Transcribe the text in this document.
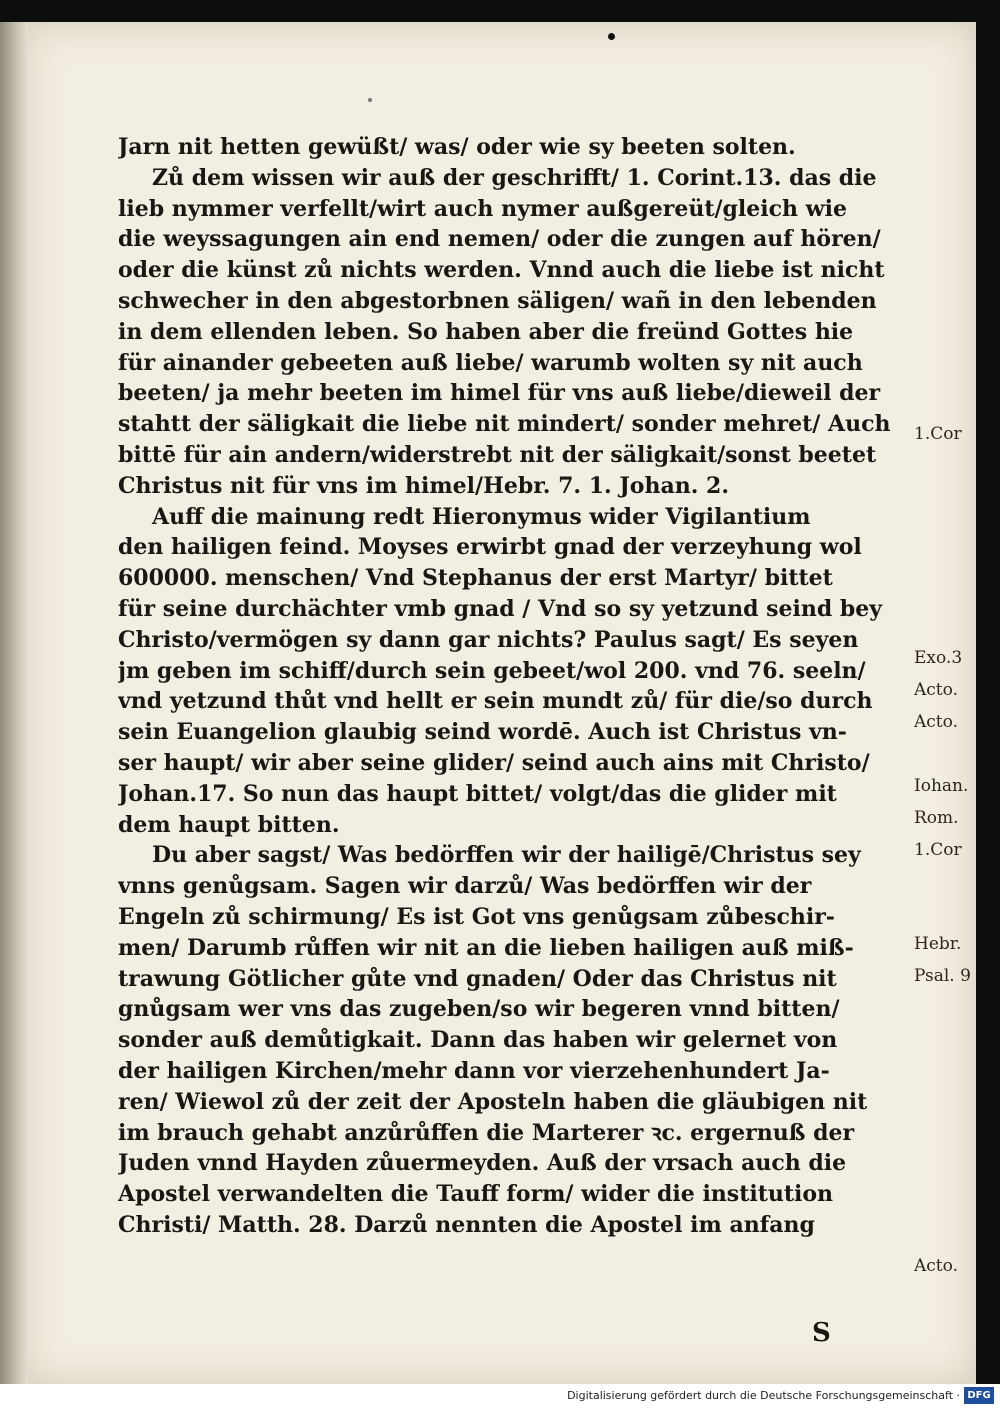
Jarn nit hetten gewüßt/ was/ oder wie sy beeten solten.
Zů dem wissen wir auß der geschrifft/ 1. Corint.13. das die
lieb nymmer verfellt/wirt auch nymer außgereüt/gleich wie
die weyssagungen ain end nemen/ oder die zungen auf hören/
oder die künst zů nichts werden. Vnnd auch die liebe ist nicht
schwecher in den abgestorbnen säligen/ wañ in den lebenden
in dem ellenden leben. So haben aber die freünd Gottes hie
für ainander gebeeten auß liebe/ warumb wolten sy nit auch
beeten/ ja mehr beeten im himel für vns auß liebe/dieweil der
stahtt der säligkait die liebe nit mindert/ sonder mehret/ Auch
bittē für ain andern/widerstrebt nit der säligkait/sonst beetet
Christus nit für vns im himel/Hebr. 7. 1. Johan. 2.
Auff die mainung redt Hieronymus wider Vigilantium
den hailigen feind. Moyses erwirbt gnad der verzeyhung wol
600000. menschen/ Vnd Stephanus der erst Martyr/ bittet
für seine durchächter vmb gnad / Vnd so sy yetzund seind bey
Christo/vermögen sy dann gar nichts? Paulus sagt/ Es seyen
jm geben im schiff/durch sein gebeet/wol 200. vnd 76. seeln/
vnd yetzund thůt vnd hellt er sein mundt zů/ für die/so durch
sein Euangelion glaubig seind wordē. Auch ist Christus vn-
ser haupt/ wir aber seine glider/ seind auch ains mit Christo/
Johan.17. So nun das haupt bittet/ volgt/das die glider mit
dem haupt bitten.
Du aber sagst/ Was bedörffen wir der hailigē/Christus sey
vnns genůgsam. Sagen wir darzů/ Was bedörffen wir der
Engeln zů schirmung/ Es ist Got vns genůgsam zůbeschir-
men/ Darumb růffen wir nit an die lieben hailigen auß miß-
trawung Götlicher gůte vnd gnaden/ Oder das Christus nit
gnůgsam wer vns das zugeben/so wir begeren vnnd bitten/
sonder auß demůtigkait. Dann das haben wir gelernet von
der hailigen Kirchen/mehr dann vor vierzehenhundert Ja-
ren/ Wiewol zů der zeit der Aposteln haben die gläubigen nit
im brauch gehabt anzůrůffen die Marterer ꝛc. ergernuß der
Juden vnnd Hayden zůuermeyden. Auß der vrsach auch die
Apostel verwandelten die Tauff form/ wider die institution
Christi/ Matth. 28. Darzů nennten die Apostel im anfang
1.Cor
Exo.3
Acto.
Acto.
Iohan.
Rom.
1.Cor
Hebr.
Psal. 9
Acto.
S
Digitalisierung gefördert durch die Deutsche Forschungsgemeinschaft · DFG
